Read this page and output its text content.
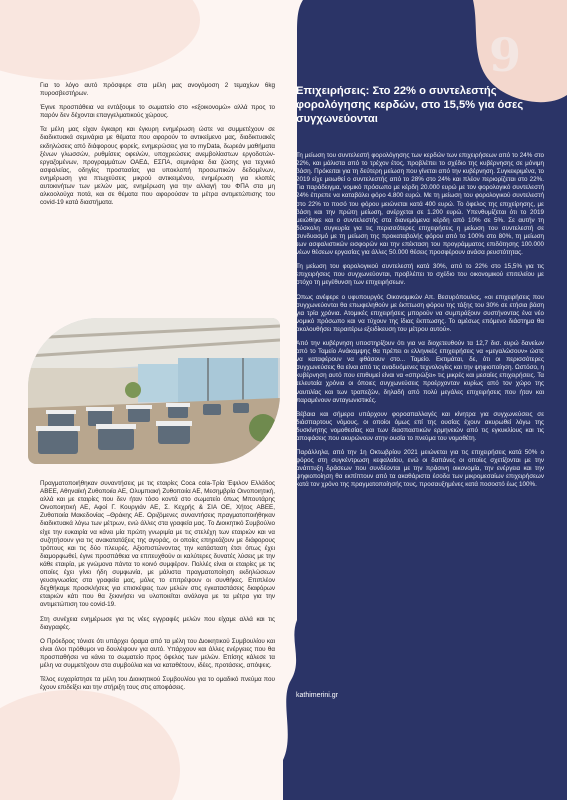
Για το λόγο αυτό πρόσφερε στα μέλη μας ανογόμοση 2 τεμαχίων 6kg πυροσβεστήρων.

Έγινε προσπάθεια να εντάξουμε το σωματείο στο «εξοικονομώ» αλλά προς το παρόν δεν δέχονται επαγγελματικούς χώρους.

Τα μέλη μας είχαν έγκαιρη και έγκυρη ενημέρωση ώστε να συμμετέχουν σε διαδικτυακά σεμινάρια με θέματα που αφορούν το αντικείμενο μας, διαδικτυακές εκδηλώσεις από διάφορους φορείς, ενημερώσεις για το myData, δωρεάν μαθήματα ξένων γλωσσών, ρυθμίσεις οφειλών, υποχρεώσεις ανεμβολίαστων εργοδοτών-εργαζομένων, προγραμμάτων ΟΑΕΔ, ΕΣΠΑ, σεμινάρια δια ζώσης για τεχνικό ασφαλείας, οδηγίες προστασίας για υποκλοπή προσωπικών δεδομένων, ενημέρωση για πτωχεύσεις μικρού αντικειμένου, ενημέρωση για κλοπές αυτοκινήτων των μελών μας, ενημέρωση για την αλλαγή του ΦΠΑ στα μη αλκοολούχα ποτά, και σε θέματα που αφορούσαν τα μέτρα αντιμετώπισης του covid-19 κατά διαστήματα.

Πραγματοποιήθηκαν συναντήσεις με τις εταιρίες Coca cola-Τρία Έψιλον Ελλάδος ΑΒΕΕ, Αθηναϊκή Ζυθοποιία ΑΕ, Ολυμπιακή Ζυθοποιία ΑΕ, Μεσημβρία Οινοποιητική, αλλά και με εταιρίες που δεν ήταν τόσο κοντά στο σωματείο όπως Μπουτάρης Οινοποιητική ΑΕ, Αφοί Γ. Κουργιάν ΑΕ, Σ. Κεχρής & ΣΙΑ ΟΕ, Χήτος ΑΒΕΕ, Ζυθοποιία Μακεδονίας –Θράκης ΑΕ. Οριζόμενες συναντήσεις πραγματοποιήθηκαν διαδικτυακά λόγω των μέτρων, ενώ άλλες στα γραφεία μας. Το Διοικητικό Συμβούλιο είχε την ευκαιρία να κάνει μία πρώτη γνωριμία με τις στελέχη των εταιριών και να συζητήσουν για τις ανακατατάξεις της αγοράς, οι οποίες επηρεάζουν με διάφορους τρόπους και τις δύο πλευρές. Αξιοπιστώνοντας την κατάσταση έτσι όπως έχει διαμορφωθεί, έγινε προσπάθεια να επιτευχθούν οι καλύτερες δυνατές λύσεις με την κάθε εταιρία, με γνώμονα πάντα το κοινό συμφέρον. Πολλές είναι οι εταιρίες με τις οποίες έχει γίνει ήδη συμφωνία, με μάλιστα πραγματοποίηση εκδηλώσεων γευσιγνωσίας στα γραφεία μας, μόλις το επιτρέψουν οι συνθήκες. Επιπλέον δεχθήκαμε προσκλήσεις για επισκέψεις των μελών στις εγκαταστάσεις διαφόρων εταιριών κάτι που θα ξεκινήσει να υλοποιείται ανάλογα με τα μέτρα για την αντιμετώπιση του covid-19.

Στη συνέχεια ενημέρωσε για τις νέες εγγραφές μελών που είχαμε αλλά και τις διαγραφές.

Ο Πρόεδρος τόνισε ότι υπάρχει όραμα από τα μέλη του Διοικητικού Συμβουλίου και είναι όλοι πρόθυμοι να δουλέψουν για αυτό. Υπάρχουν και άλλες ενέργειες που θα προσπαθήσει να κάνει το σωματείο προς όφελος των μελών. Επίσης κάλεσε τα μέλη να συμμετέχουν στα συμβούλια και να καταθέτουν, ιδέες, προτάσεις, απόψεις.

Τέλος ευχαρίστησε τα μέλη του Διοικητικού Συμβουλίου για το ομαδικό πνεύμα που έχουν επιδείξει και την στήριξη τους στις αποφάσεις.

9
Επιχειρήσεις: Στο 22% ο συντελεστής φορολόγησης κερδών, στο 15,5% για όσες συγχωνεύονται

Τη μείωση του συντελεστή φορολόγησης των κερδών των επιχειρήσεων από το 24% στο 22%, και μάλιστα από το τρέχον έτος, προβλέπει το σχέδιο της κυβέρνησης σε μόνιμη βάση. Πρόκειται για τη δεύτερη μείωση που γίνεται από την κυβέρνηση. Συγκεκριμένα, το 2019 είχε μειωθεί ο συντελεστής από το 28% στο 24% και πλέον περιορίζεται στο 22%. Για παράδειγμα, νομικό πρόσωπο με κέρδη 20.000 ευρώ με τον φορολογικό συντελεστή 24% έπρεπε να καταβάλει φόρο 4.800 ευρώ. Με τη μείωση του φορολογικού συντελεστή στο 22% το ποσό του φόρου μειώνεται κατά 400 ευρώ. Το όφελος της επιχείρησης, με βάση και την πρώτη μείωση, ανέρχεται σε 1.200 ευρώ. Υπενθυμίζεται ότι το 2019 μειώθηκε και ο συντελεστής στα διανεμόμενα κέρδη από 10% σε 5%. Σε αυτήν τη δύσκολη συγκυρία για τις περισσότερες επιχειρήσεις η μείωση του συντελεστή σε συνδυασμό με τη μείωση της προκαταβολής φόρου από το 100% στο 80%, τη μείωση των ασφαλιστικών εισφορών και την επέκταση του προγράμματος επιδότησης 100.000 νέων θέσεων εργασίας για άλλες 50.000 θέσεις προσφέρουν ανάσα ρευστότητας.

Τη μείωση του φορολογικού συντελεστή κατά 30%, από το 22% στο 15,5% για τις επιχειρήσεις που συγχωνεύονται, προβλέπει το σχέδιο του οικονομικού επιτελείου με στόχο τη μεγέθυνση των επιχειρήσεων.

Όπως ανέφερε ο υφυπουργός Οικονομικών Απ. Βεσυρόπουλος, «οι επιχειρήσεις που συγχωνεύονται θα επωφεληθούν με έκπτωση φόρου της τάξης του 30% σε ετήσια βάση για τρία χρόνια. Ατομικές επιχειρήσεις μπορούν να συμπράξουν συστήνοντας ένα νέο νομικό πρόσωπο και να τύχουν της ίδιας έκπτωσης. Το αμέσως επόμενο διάστημα θα ακολουθήσει περαιτέρω εξειδίκευση του μέτρου αυτού».

Από την κυβέρνηση υποστηρίζουν ότι για να διοχετευθούν τα 12,7 δισ. ευρώ δανείων από το Ταμείο Ανάκαμψης θα πρέπει οι ελληνικές επιχειρήσεις να «μεγαλώσουν» ώστε να καταφέρουν να φθάσουν στο... Ταμείο. Εκτιμάται, δε, ότι οι περισσότερες συγχωνεύσεις θα είναι από τις αναδυόμενες τεχνολογίες και την ψηφιοποίηση. Ωστόσο, η κυβέρνηση αυτό που επιθυμεί είναι να «σπρώξει» τις μικρές και μεσαίες επιχειρήσεις. Τα τελευταία χρόνια οι όποιες συγχωνεύσεις προέρχονταν κυρίως από τον χώρο της ναυτιλίας και των τραπεζών, δηλαδή από πολύ μεγάλες επιχειρήσεις που ήταν και παραμένουν ανταγωνιστικές.

Βέβαια και σήμερα υπάρχουν φοροαπαλλαγές και κίνητρα για συγχωνεύσεις σε διάσπαρτους νόμους, οι οποίοι όμως επί της ουσίας έχουν ακυρωθεί λόγω της δυσκίνητης νομοθεσίας και των διασπαστικών ερμηνειών από τις εγκυκλίους και τις αποφάσεις που ακυρώνουν στην ουσία το πνεύμα του νομοθέτη.

Παράλληλα, από την 1η Οκτωβρίου 2021 μειώνεται για τις επιχειρήσεις κατά 50% ο φόρος στη συγκέντρωση κεφαλαίου, ενώ οι δαπάνες οι οποίες σχετίζονται με την ανάπτυξη δράσεων που συνδέονται με την πράσινη οικονομία, την ενέργεια και την ψηφιοποίηση θα εκπίπτουν από τα ακαθάριστα έσοδα των μικρομεσαίων επιχειρήσεων κατά τον χρόνο της πραγματοποίησής τους, προσαυξημένες κατά ποσοστό έως 100%.

kathimerini.gr
